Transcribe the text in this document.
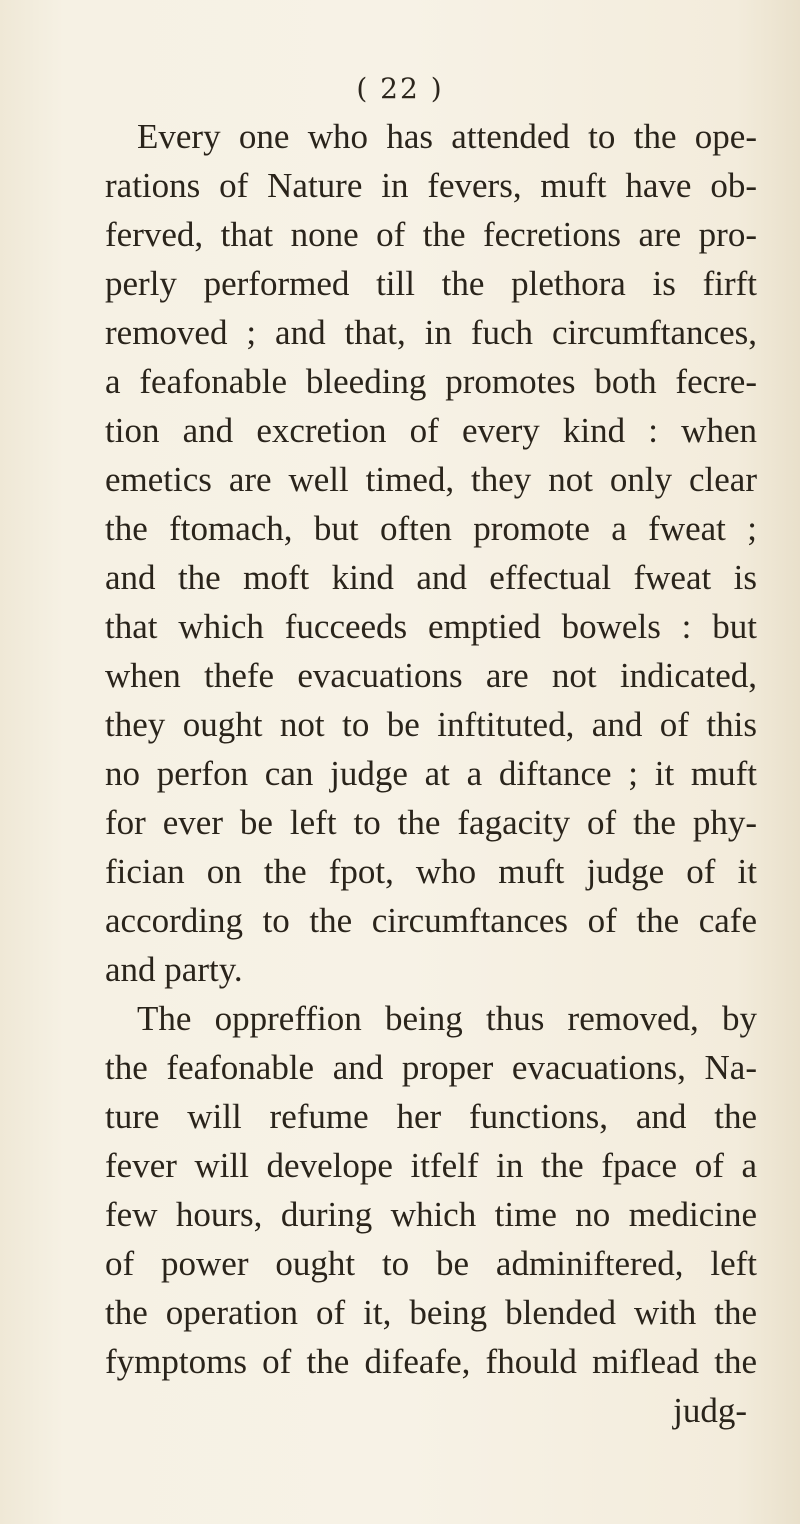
( 22 )
Every one who has attended to the ope-
rations of Nature in fevers, muft have ob-
ferved, that none of the fecretions are pro-
perly performed till the plethora is firft
removed ; and that, in fuch circumftances,
a feafonable bleeding promotes both fecre-
tion and excretion of every kind : when
emetics are well timed, they not only clear
the ftomach, but often promote a fweat ;
and the moft kind and effectual fweat is
that which fucceeds emptied bowels : but
when thefe evacuations are not indicated,
they ought not to be inftituted, and of this
no perfon can judge at a diftance ; it muft
for ever be left to the fagacity of the phy-
fician on the fpot, who muft judge of it
according to the circumftances of the cafe
and party.
The oppreffion being thus removed, by
the feafonable and proper evacuations, Na-
ture will refume her functions, and the
fever will develope itfelf in the fpace of a
few hours, during which time no medicine
of power ought to be adminiftered, left
the operation of it, being blended with the
fymptoms of the difeafe, fhould miflead the
judg-
